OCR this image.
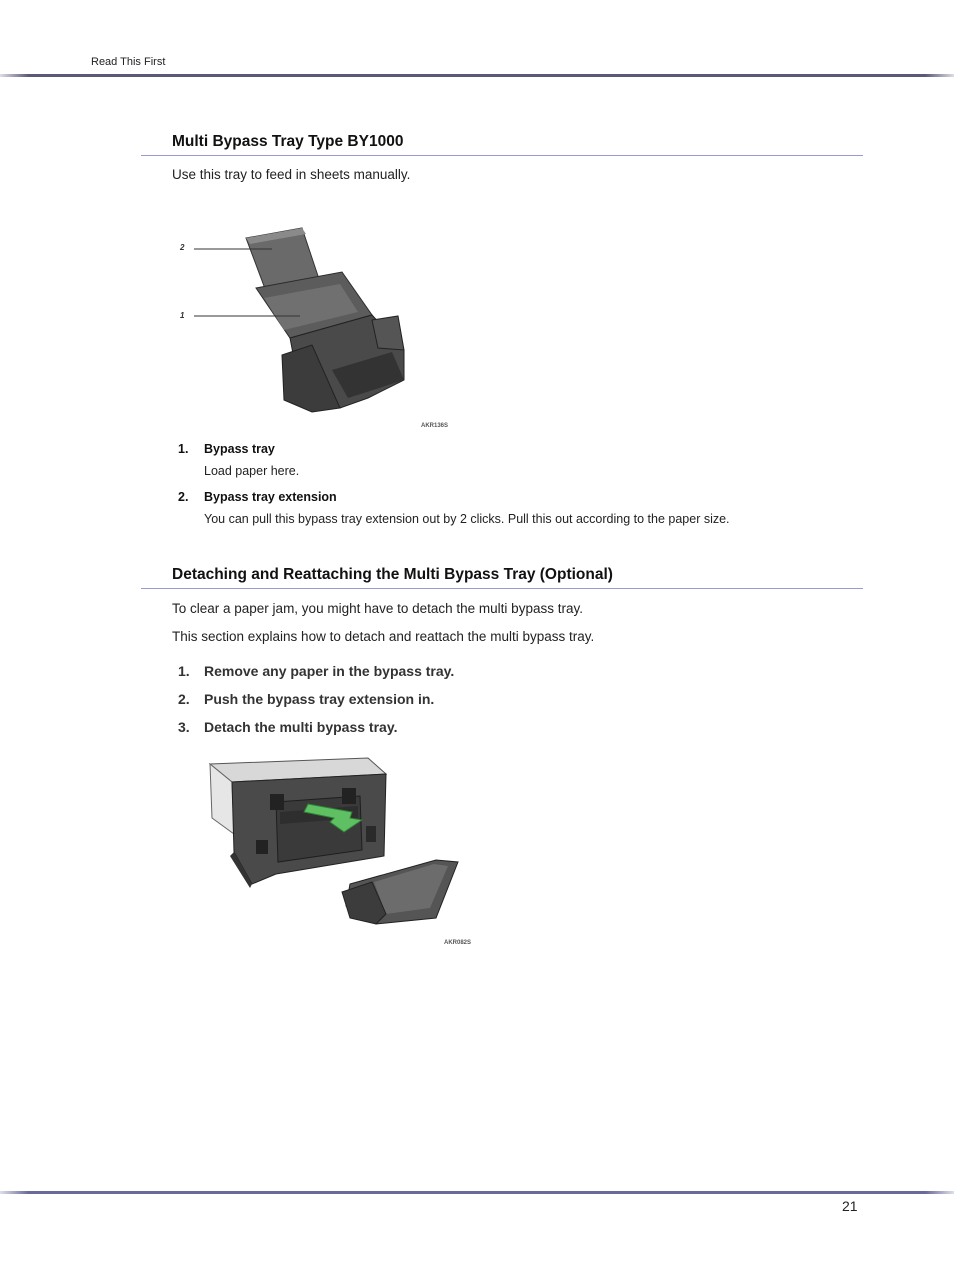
Read This First
Multi Bypass Tray Type BY1000
Use this tray to feed in sheets manually.
2
1
AKR136S
1. Bypass tray
Load paper here.
2. Bypass tray extension
You can pull this bypass tray extension out by 2 clicks. Pull this out according to the paper size.
Detaching and Reattaching the Multi Bypass Tray (Optional)
To clear a paper jam, you might have to detach the multi bypass tray.
This section explains how to detach and reattach the multi bypass tray.
1. Remove any paper in the bypass tray.
2. Push the bypass tray extension in.
3. Detach the multi bypass tray.
AKR082S
21
